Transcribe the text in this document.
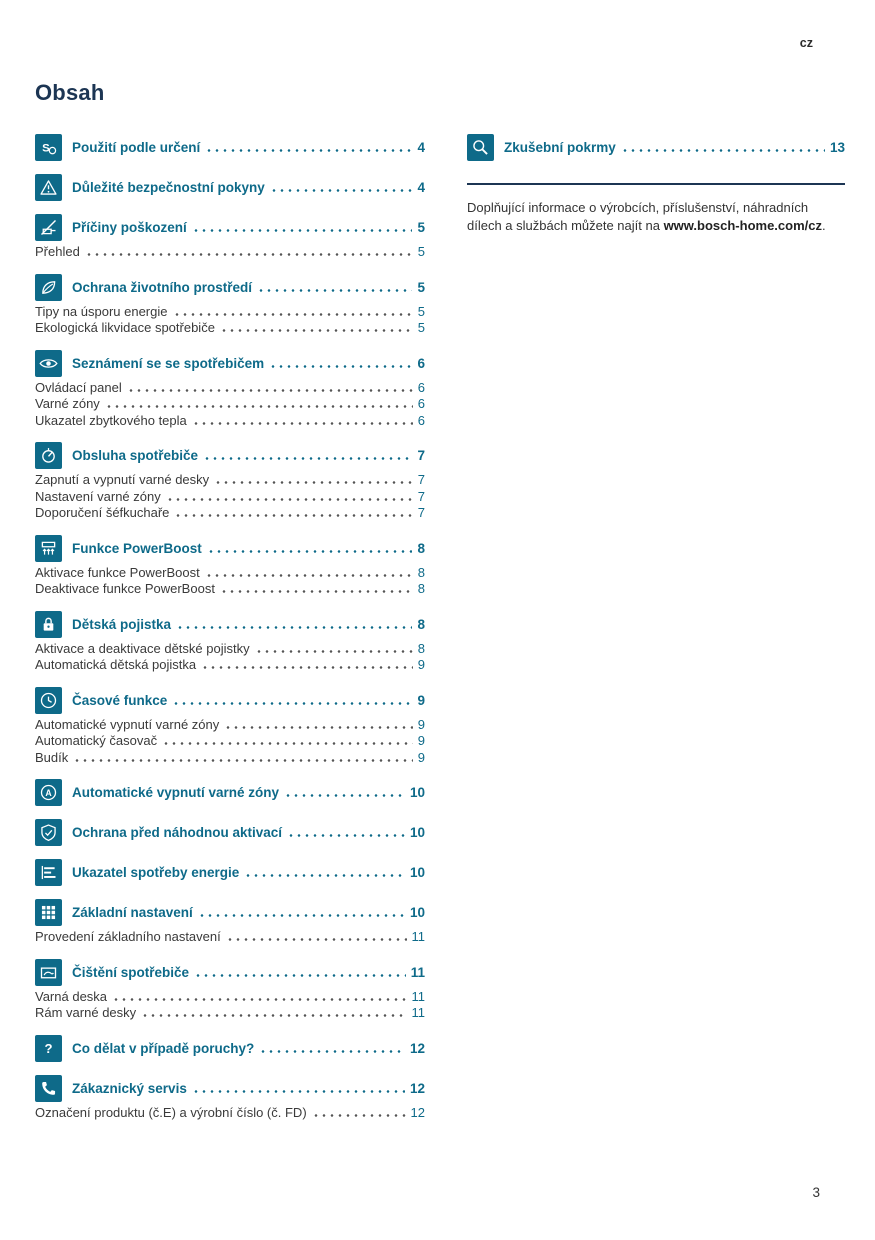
cz
Obsah
S Použití podle určení	4
Důležité bezpečnostní pokyny	4
Příčiny poškození	5
Přehled	5
Ochrana životního prostředí	5
Tipy na úsporu energie	5
Ekologická likvidace spotřebiče	5
Seznámení se se spotřebičem	6
Ovládací panel	6
Varné zóny	6
Ukazatel zbytkového tepla	6
Obsluha spotřebiče	7
Zapnutí a vypnutí varné desky	7
Nastavení varné zóny	7
Doporučení šéfkuchaře	7
Funkce PowerBoost	8
Aktivace funkce PowerBoost	8
Deaktivace funkce PowerBoost	8
Dětská pojistka	8
Aktivace a deaktivace dětské pojistky	8
Automatická dětská pojistka	9
Časové funkce	9
Automatické vypnutí varné zóny	9
Automatický časovač	9
Budík	9
A Automatické vypnutí varné zóny	10
Ochrana před náhodnou aktivací	10
Ukazatel spotřeby energie	10
Základní nastavení	10
Provedení základního nastavení	11
Čištění spotřebiče	11
Varná deska	11
Rám varné desky	11
? Co dělat v případě poruchy?	12
Zákaznický servis	12
Označení produktu (č.E) a výrobní číslo (č. FD)	12
Zkušební pokrmy	13

Doplňující informace o výrobcích, příslušenství, náhradních dílech a službách můžete najít na www.bosch-home.com/cz.

3
